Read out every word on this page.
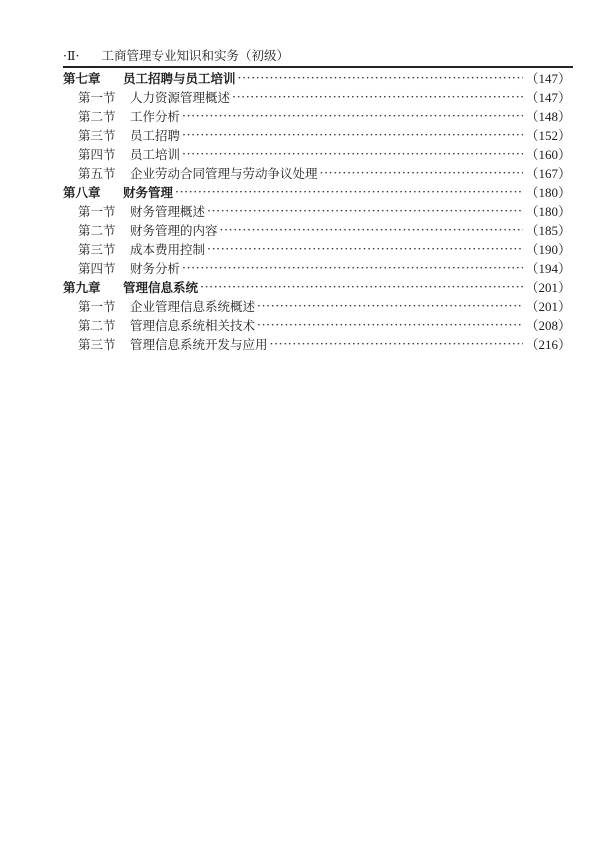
·Ⅱ· 工商管理专业知识和实务（初级）
第七章	员工招聘与员工培训 ·····	（147）
第一节	人力资源管理概述 ·····	（147）
第二节	工作分析 ·····	（148）
第三节	员工招聘 ·····	（152）
第四节	员工培训 ·····	（160）
第五节	企业劳动合同管理与劳动争议处理 ·····	（167）
第八章	财务管理 ·····	（180）
第一节	财务管理概述 ·····	（180）
第二节	财务管理的内容 ·····	（185）
第三节	成本费用控制 ·····	（190）
第四节	财务分析 ·····	（194）
第九章	管理信息系统 ·····	（201）
第一节	企业管理信息系统概述 ·····	（201）
第二节	管理信息系统相关技术 ·····	（208）
第三节	管理信息系统开发与应用 ·····	（216）
